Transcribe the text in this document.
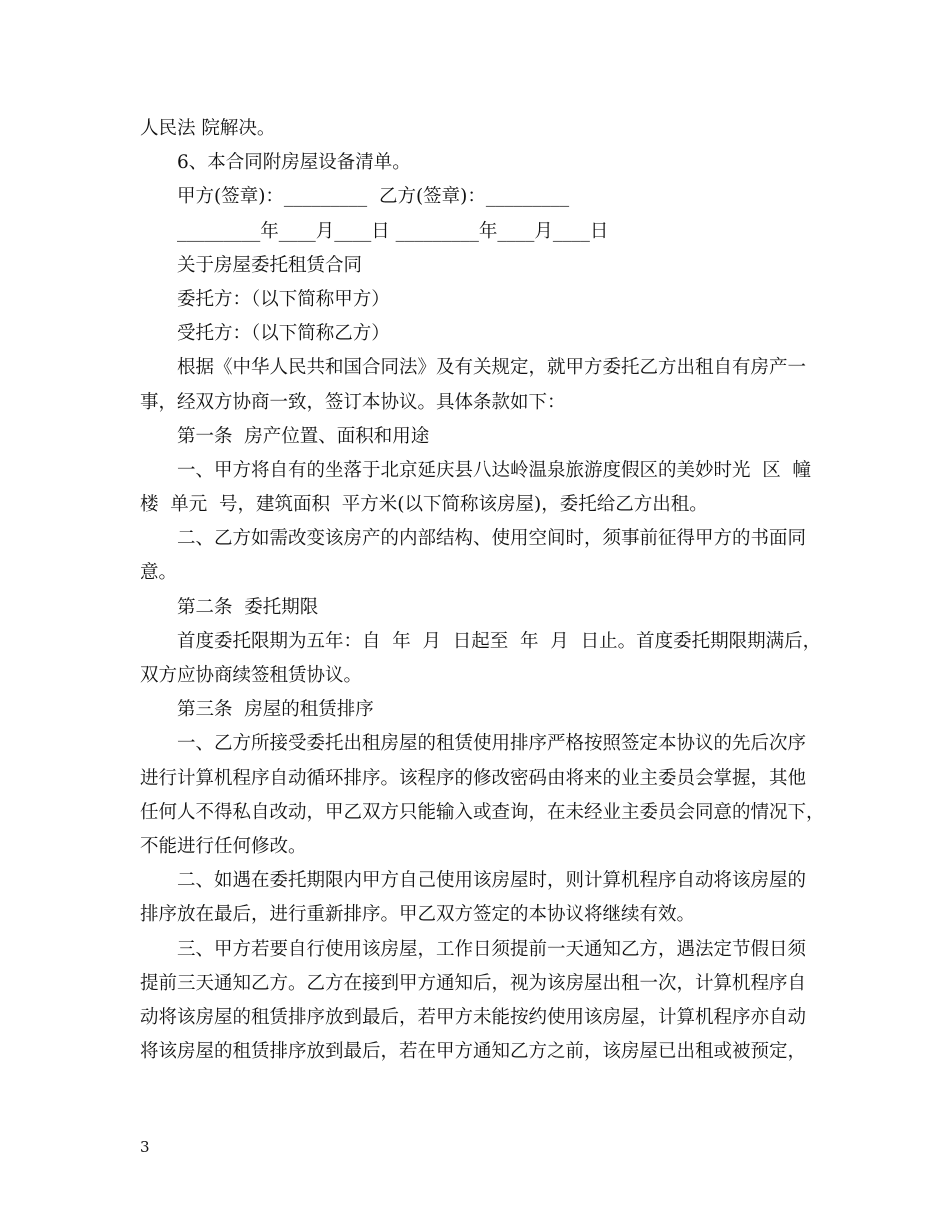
人民法 院解决。
6、本合同附房屋设备清单。
甲方(签章)：_________  乙方(签章)：_________
_________年____月____日 _________年____月____日
关于房屋委托租赁合同
委托方：（以下简称甲方）
受托方：（以下简称乙方）
根据《中华人民共和国合同法》及有关规定，就甲方委托乙方出租自有房产一
事，经双方协商一致，签订本协议。具体条款如下：
第一条  房产位置、面积和用途
一、甲方将自有的坐落于北京延庆县八达岭温泉旅游度假区的美妙时光  区  幢
楼  单元  号，建筑面积  平方米(以下简称该房屋)，委托给乙方出租。
二、乙方如需改变该房产的内部结构、使用空间时，须事前征得甲方的书面同
意。
第二条  委托期限
首度委托限期为五年：自  年  月  日起至  年  月  日止。首度委托期限期满后，
双方应协商续签租赁协议。
第三条  房屋的租赁排序
一、乙方所接受委托出租房屋的租赁使用排序严格按照签定本协议的先后次序
进行计算机程序自动循环排序。该程序的修改密码由将来的业主委员会掌握，其他
任何人不得私自改动，甲乙双方只能输入或查询，在未经业主委员会同意的情况下，
不能进行任何修改。
二、如遇在委托期限内甲方自己使用该房屋时，则计算机程序自动将该房屋的
排序放在最后，进行重新排序。甲乙双方签定的本协议将继续有效。
三、甲方若要自行使用该房屋，工作日须提前一天通知乙方，遇法定节假日须
提前三天通知乙方。乙方在接到甲方通知后，视为该房屋出租一次，计算机程序自
动将该房屋的租赁排序放到最后，若甲方未能按约使用该房屋，计算机程序亦自动
将该房屋的租赁排序放到最后，若在甲方通知乙方之前，该房屋已出租或被预定，
3
